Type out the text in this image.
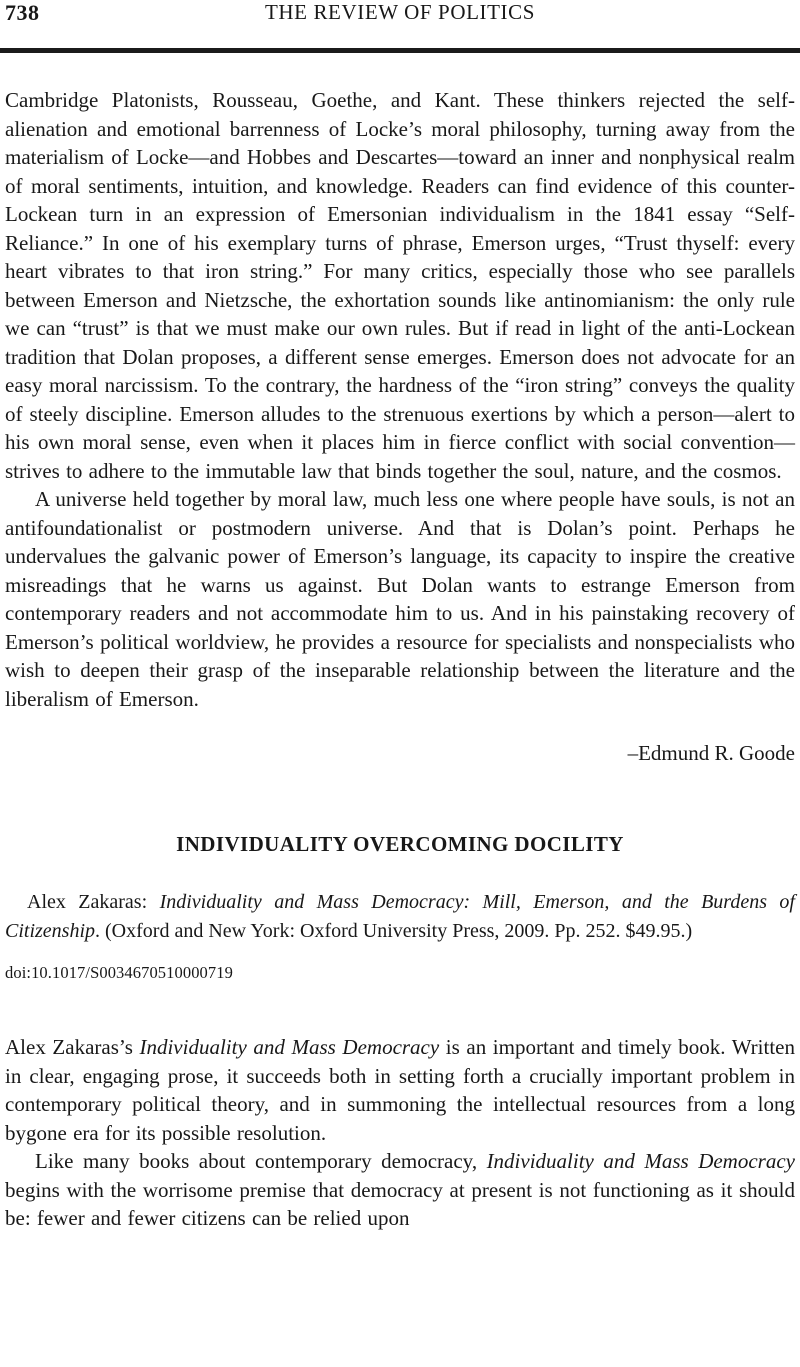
738	THE REVIEW OF POLITICS

Cambridge Platonists, Rousseau, Goethe, and Kant. These thinkers rejected the self-alienation and emotional barrenness of Locke’s moral philosophy, turning away from the materialism of Locke—and Hobbes and Descartes—toward an inner and nonphysical realm of moral sentiments, intuition, and knowledge. Readers can find evidence of this counter-Lockean turn in an expression of Emersonian individualism in the 1841 essay “Self-Reliance.” In one of his exemplary turns of phrase, Emerson urges, “Trust thyself: every heart vibrates to that iron string.” For many critics, especially those who see parallels between Emerson and Nietzsche, the exhortation sounds like antinomianism: the only rule we can “trust” is that we must make our own rules. But if read in light of the anti-Lockean tradition that Dolan proposes, a different sense emerges. Emerson does not advocate for an easy moral narcissism. To the contrary, the hardness of the “iron string” conveys the quality of steely discipline. Emerson alludes to the strenuous exertions by which a person—alert to his own moral sense, even when it places him in fierce conflict with social convention—strives to adhere to the immutable law that binds together the soul, nature, and the cosmos.

A universe held together by moral law, much less one where people have souls, is not an antifoundationalist or postmodern universe. And that is Dolan’s point. Perhaps he undervalues the galvanic power of Emerson’s language, its capacity to inspire the creative misreadings that he warns us against. But Dolan wants to estrange Emerson from contemporary readers and not accommodate him to us. And in his painstaking recovery of Emerson’s political worldview, he provides a resource for specialists and nonspecialists who wish to deepen their grasp of the inseparable relationship between the literature and the liberalism of Emerson.

–Edmund R. Goode

INDIVIDUALITY OVERCOMING DOCILITY

Alex Zakaras: Individuality and Mass Democracy: Mill, Emerson, and the Burdens of Citizenship. (Oxford and New York: Oxford University Press, 2009. Pp. 252. $49.95.)

doi:10.1017/S0034670510000719

Alex Zakaras’s Individuality and Mass Democracy is an important and timely book. Written in clear, engaging prose, it succeeds both in setting forth a crucially important problem in contemporary political theory, and in summoning the intellectual resources from a long bygone era for its possible resolution.

Like many books about contemporary democracy, Individuality and Mass Democracy begins with the worrisome premise that democracy at present is not functioning as it should be: fewer and fewer citizens can be relied upon
